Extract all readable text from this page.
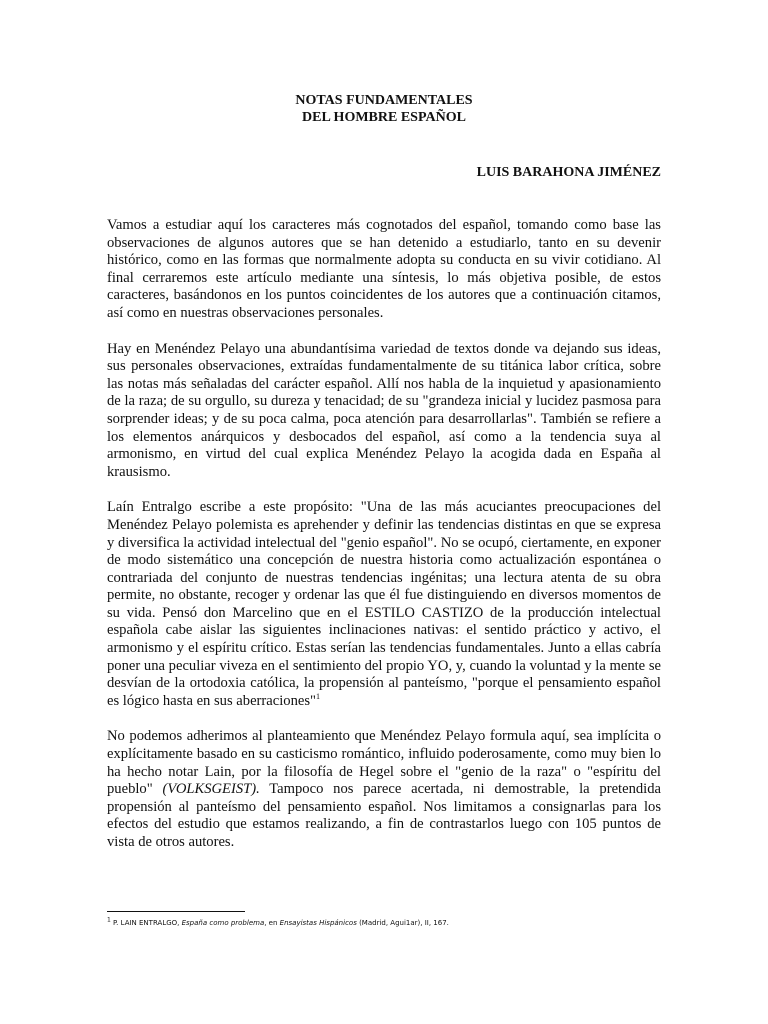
NOTAS FUNDAMENTALES

DEL HOMBRE ESPAÑOL

LUIS BARAHONA JIMÉNEZ

Vamos a estudiar aquí los caracteres más cognotados del español, tomando como base las observaciones de algunos autores que se han detenido a estudiarlo, tanto en su devenir histórico, como en las formas que normalmente adopta su conducta en su vivir cotidiano. Al final cerraremos este artículo mediante una síntesis, lo más objetiva posible, de estos caracteres, basándonos en los puntos coincidentes de los autores que a continuación citamos, así como en nuestras observaciones personales.

Hay en Menéndez Pelayo una abundantísima variedad de textos donde va dejando sus ideas, sus personales observaciones, extraídas fundamentalmente de su titánica labor crítica, sobre las notas más señaladas del carácter español. Allí nos habla de la inquietud y apasionamiento de la raza; de su orgullo, su dureza y tenacidad; de su "grandeza inicial y lucidez pasmosa para sorprender ideas; y de su poca calma, poca atención para desarrollarlas". También se refiere a los elementos anárquicos y desbocados del español, así como a la tendencia suya al armonismo, en virtud del cual explica Menéndez Pelayo la acogida dada en España al krausismo.

Laín Entralgo escribe a este propósito: "Una de las más acuciantes preocupaciones del Menéndez Pelayo polemista es aprehender y definir las tendencias distintas en que se expresa y diversifica la actividad intelectual del "genio español". No se ocupó, ciertamente, en exponer de modo sistemático una concepción de nuestra historia como actualización espontánea o contrariada del conjunto de nuestras tendencias ingénitas; una lectura atenta de su obra permite, no obstante, recoger y ordenar las que él fue distinguiendo en diversos momentos de su vida. Pensó don Marcelino que en el ESTILO CASTIZO de la producción intelectual española cabe aislar las siguientes inclinaciones nativas: el sentido práctico y activo, el armonismo y el espíritu crítico. Estas serían las tendencias fundamentales. Junto a ellas cabría poner una peculiar viveza en el sentimiento del propio YO, y, cuando la voluntad y la mente se desvían de la ortodoxia católica, la propensión al panteísmo, "porque el pensamiento español es lógico hasta en sus aberraciones"$^1$

No podemos adherimos al planteamiento que Menéndez Pelayo formula aquí, sea implícita o explícitamente basado en su casticismo romántico, influido poderosamente, como muy bien lo ha hecho notar Lain, por la filosofía de Hegel sobre el "genio de la raza" o "espíritu del pueblo" (VOLKSGEIST). Tampoco nos parece acertada, ni demostrable, la pretendida propensión al panteísmo del pensamiento español. Nos limitamos a consignarlas para los efectos del estudio que estamos realizando, a fin de contrastarlos luego con 105 puntos de vista de otros autores.

$^1$ P. LAIN ENTRALGO, España como problema, en Ensayistas Hispánicos (Madrid, Agui1ar), II, 167.
